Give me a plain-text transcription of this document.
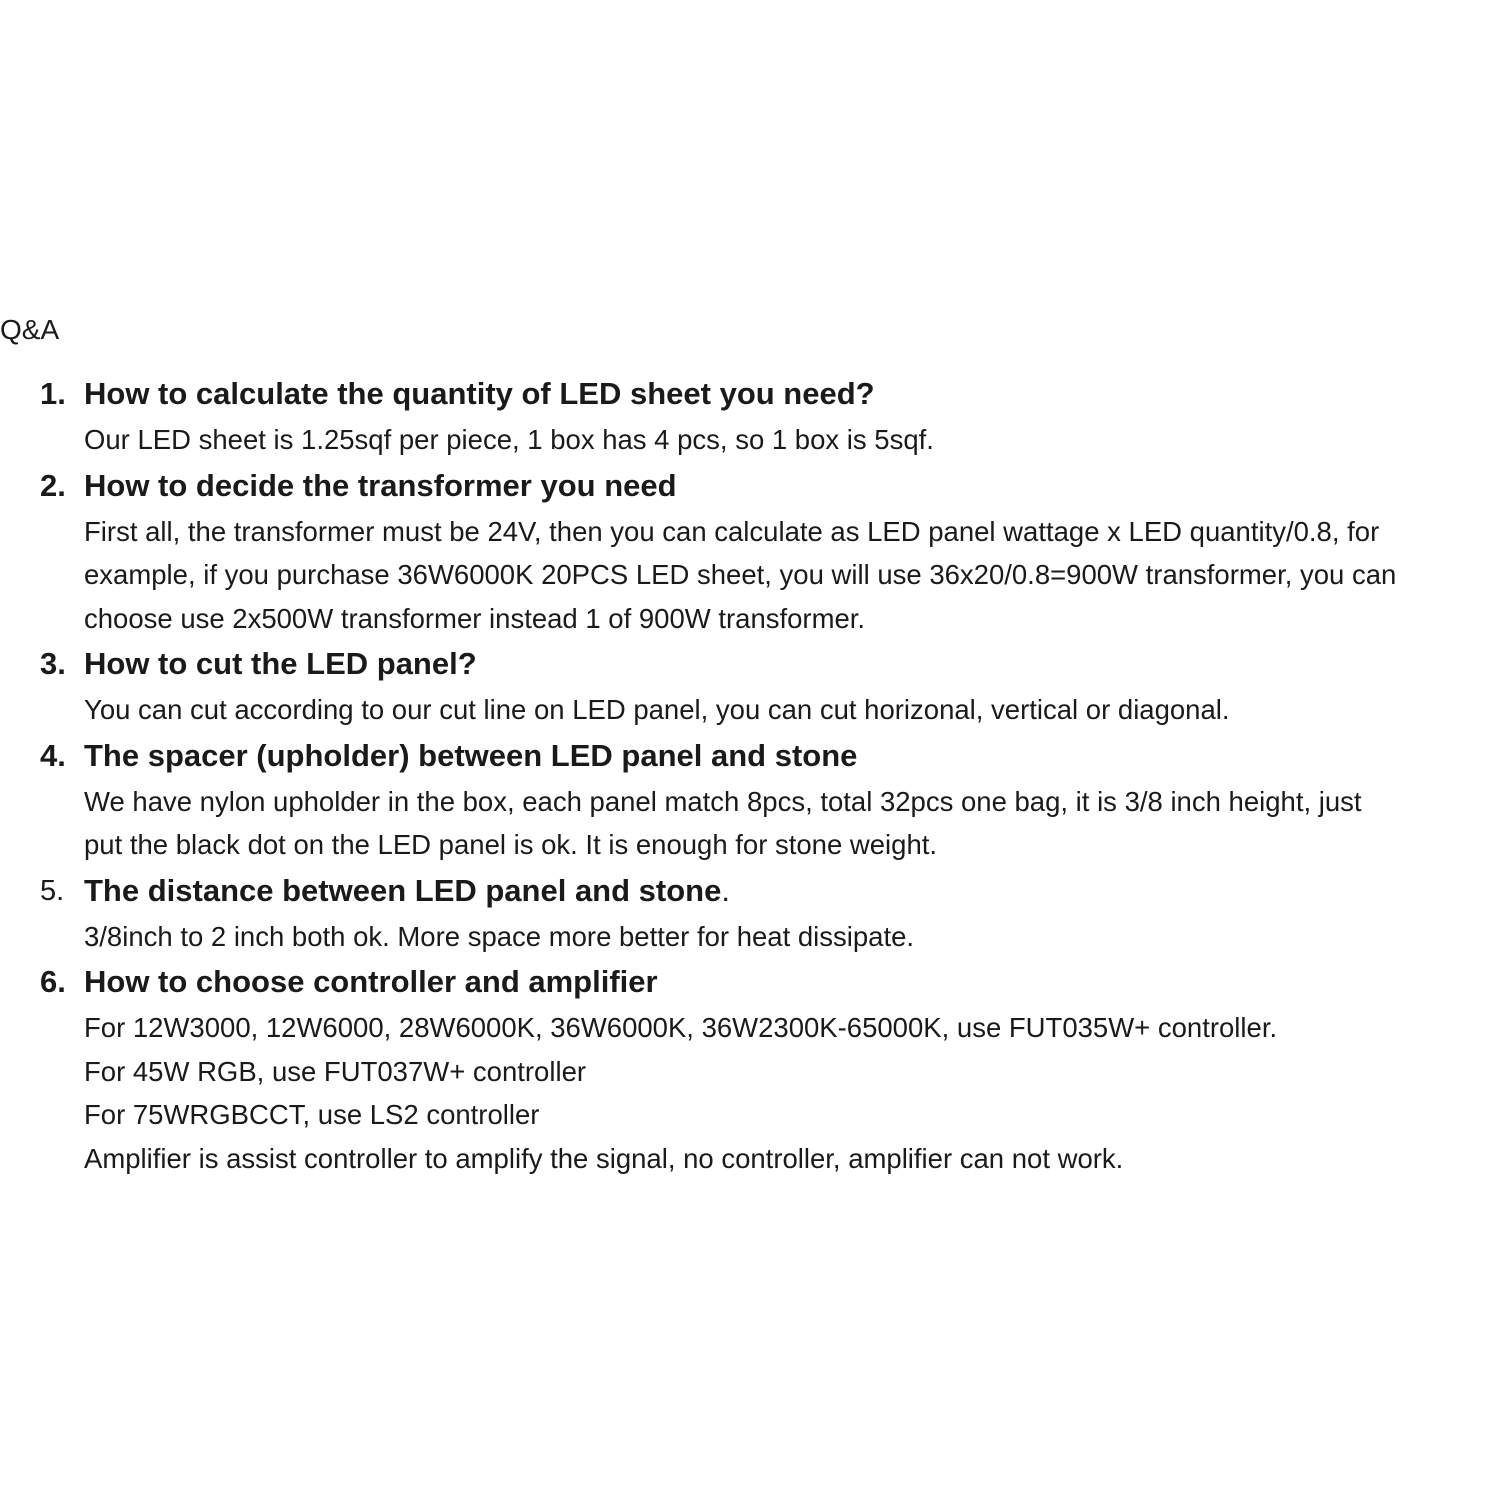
Q&A
1. How to calculate the quantity of LED sheet you need?
Our LED sheet is 1.25sqf per piece, 1 box has 4 pcs, so 1 box is 5sqf.
2. How to decide the transformer you need
First all, the transformer must be 24V, then you can calculate as LED panel wattage x LED quantity/0.8, for
example, if you purchase 36W6000K 20PCS LED sheet, you will use 36x20/0.8=900W transformer, you can
choose use 2x500W transformer instead 1 of 900W transformer.
3. How to cut the LED panel?
You can cut according to our cut line on LED panel, you can cut horizonal, vertical or diagonal.
4. The spacer (upholder) between LED panel and stone
We have nylon upholder in the box, each panel match 8pcs, total 32pcs one bag, it is 3/8 inch height, just
put the black dot on the LED panel is ok. It is enough for stone weight.
5. The distance between LED panel and stone.
3/8inch to 2 inch both ok. More space more better for heat dissipate.
6. How to choose controller and amplifier
For 12W3000, 12W6000, 28W6000K, 36W6000K, 36W2300K-65000K, use FUT035W+ controller.
For 45W RGB, use FUT037W+ controller
For 75WRGBCCT, use LS2 controller
Amplifier is assist controller to amplify the signal, no controller, amplifier can not work.
